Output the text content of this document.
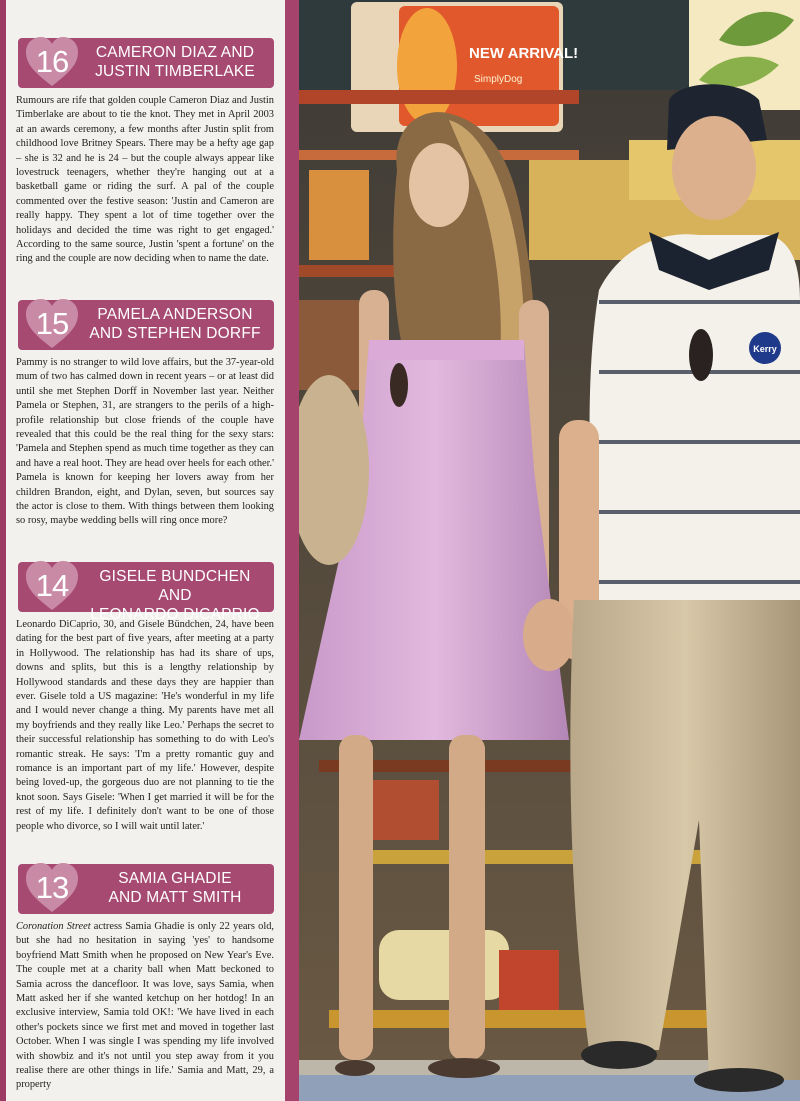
16	CAMERON DIAZ AND
JUSTIN TIMBERLAKE
Rumours are rife that golden couple Cameron Diaz and Justin Timberlake are about to tie the knot. They met in April 2003 at an awards ceremony, a few months after Justin split from childhood love Britney Spears. There may be a hefty age gap – she is 32 and he is 24 – but the couple always appear like lovestruck teenagers, whether they're hanging out at a basketball game or riding the surf. A pal of the couple commented over the festive season: 'Justin and Cameron are really happy. They spent a lot of time together over the holidays and decided the time was right to get engaged.' According to the same source, Justin 'spent a fortune' on the ring and the couple are now deciding when to name the date.
15	PAMELA ANDERSON
AND STEPHEN DORFF
Pammy is no stranger to wild love affairs, but the 37-year-old mum of two has calmed down in recent years – or at least did until she met Stephen Dorff in November last year. Neither Pamela or Stephen, 31, are strangers to the perils of a high-profile relationship but close friends of the couple have revealed that this could be the real thing for the sexy stars: 'Pamela and Stephen spend as much time together as they can and have a real hoot. They are head over heels for each other.' Pamela is known for keeping her lovers away from her children Brandon, eight, and Dylan, seven, but sources say the actor is close to them. With things between them looking so rosy, maybe wedding bells will ring once more?
14	GISELE BUNDCHEN AND
LEONARDO DICAPRIO
Leonardo DiCaprio, 30, and Gisele Bündchen, 24, have been dating for the best part of five years, after meeting at a party in Hollywood. The relationship has had its share of ups, downs and splits, but this is a lengthy relationship by Hollywood standards and these days they are happier than ever. Gisele told a US magazine: 'He's wonderful in my life and I would never change a thing. My parents have met all my boyfriends and they really like Leo.' Perhaps the secret to their successful relationship has something to do with Leo's romantic streak. He says: 'I'm a pretty romantic guy and romance is an important part of my life.' However, despite being loved-up, the gorgeous duo are not planning to tie the knot soon. Says Gisele: 'When I get married it will be for the rest of my life. I definitely don't want to be one of those people who divorce, so I will wait until later.'
13	SAMIA GHADIE
AND MATT SMITH
Coronation Street actress Samia Ghadie is only 22 years old, but she had no hesitation in saying 'yes' to handsome boyfriend Matt Smith when he proposed on New Year's Eve. The couple met at a charity ball when Matt beckoned to Samia across the dancefloor. It was love, says Samia, when Matt asked her if she wanted ketchup on her hotdog! In an exclusive interview, Samia told OK!: 'We have lived in each other's pockets since we first met and moved in together last October. When I was single I was spending my life involved with showbiz and it's not until you step away from it you realise there are other things in life.' Samia and Matt, 29, a property
NEW ARRIVAL!
SimplyDog
Kerry
